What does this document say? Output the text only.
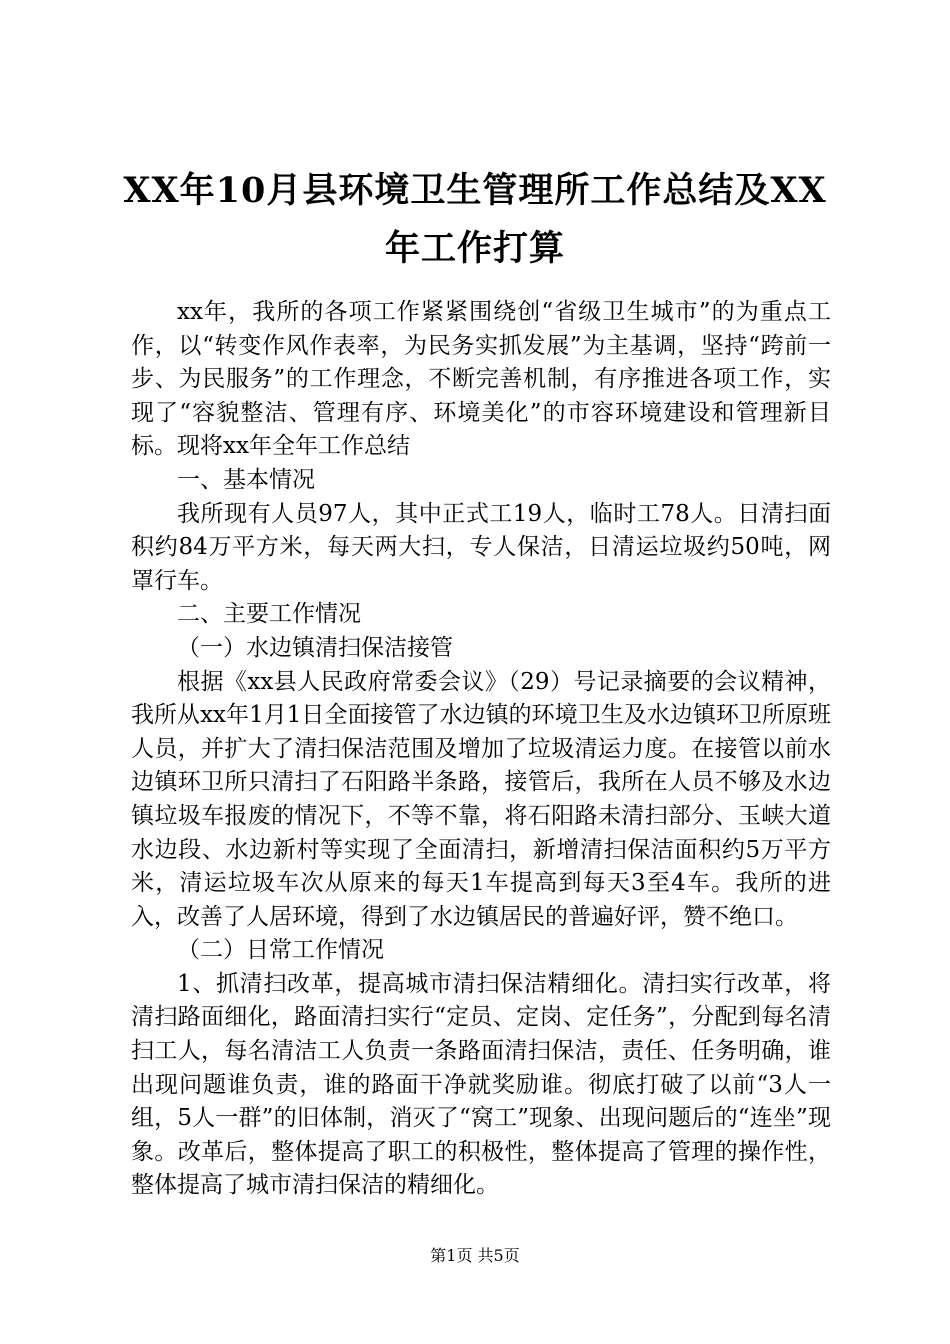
XX年10月县环境卫生管理所工作总结及XX年工作打算

xx年，我所的各项工作紧紧围绕创“省级卫生城市”的为重点工作，以“转变作风作表率，为民务实抓发展”为主基调，坚持“跨前一步、为民服务”的工作理念，不断完善机制，有序推进各项工作，实现了“容貌整洁、管理有序、环境美化”的市容环境建设和管理新目标。现将xx年全年工作总结

一、基本情况

我所现有人员97人，其中正式工19人，临时工78人。日清扫面积约84万平方米，每天两大扫，专人保洁，日清运垃圾约50吨，网罩行车。

二、主要工作情况

（一）水边镇清扫保洁接管

根据《xx县人民政府常委会议》（29）号记录摘要的会议精神，我所从xx年1月1日全面接管了水边镇的环境卫生及水边镇环卫所原班人员，并扩大了清扫保洁范围及增加了垃圾清运力度。在接管以前水边镇环卫所只清扫了石阳路半条路，接管后，我所在人员不够及水边镇垃圾车报废的情况下，不等不靠，将石阳路未清扫部分、玉峡大道水边段、水边新村等实现了全面清扫，新增清扫保洁面积约5万平方米，清运垃圾车次从原来的每天1车提高到每天3至4车。我所的进入，改善了人居环境，得到了水边镇居民的普遍好评，赞不绝口。

（二）日常工作情况

1、抓清扫改革，提高城市清扫保洁精细化。清扫实行改革，将清扫路面细化，路面清扫实行“定员、定岗、定任务”，分配到每名清扫工人，每名清洁工人负责一条路面清扫保洁，责任、任务明确，谁出现问题谁负责，谁的路面干净就奖励谁。彻底打破了以前“3人一组，5人一群”的旧体制，消灭了“窝工”现象、出现问题后的“连坐”现象。改革后，整体提高了职工的积极性，整体提高了管理的操作性，整体提高了城市清扫保洁的精细化。

第1页 共5页
